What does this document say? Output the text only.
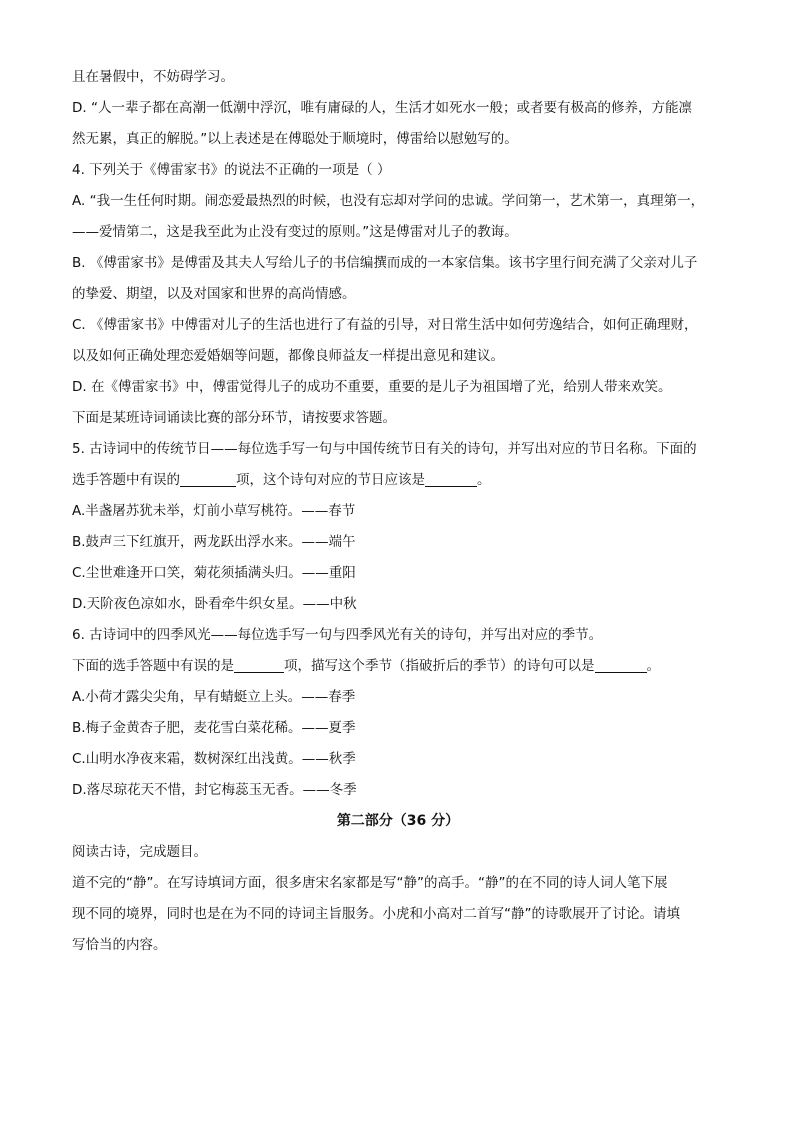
且在暑假中，不妨碍学习。
D. “人一辈子都在高潮一低潮中浮沉，唯有庸碌的人，生活才如死水一般；或者要有极高的修养，方能凛
然无累，真正的解脱。”以上表述是在傅聪处于顺境时，傅雷给以慰勉写的。
4. 下列关于《傅雷家书》的说法不正确的一项是（ ）
A. “我一生任何时期。闹恋爱最热烈的时候，也没有忘却对学问的忠诚。学问第一，艺术第一，真理第一，
——爱情第二，这是我至此为止没有变过的原则。”这是傅雷对儿子的教诲。
B. 《傅雷家书》是傅雷及其夫人写给儿子的书信编撰而成的一本家信集。该书字里行间充满了父亲对儿子
的挚爱、期望，以及对国家和世界的高尚情感。
C. 《傅雷家书》中傅雷对儿子的生活也进行了有益的引导，对日常生活中如何劳逸结合，如何正确理财，
以及如何正确处理恋爱婚姻等问题，都像良师益友一样提出意见和建议。
D. 在《傅雷家书》中，傅雷觉得儿子的成功不重要，重要的是儿子为祖国增了光，给别人带来欢笑。
下面是某班诗词诵读比赛的部分环节，请按要求答题。
5. 古诗词中的传统节日——每位选手写一句与中国传统节日有关的诗句，并写出对应的节日名称。下面的
选手答题中有误的	项，这个诗句对应的节日应该是	。
A.半盏屠苏犹未举，灯前小草写桃符。——春节
B.鼓声三下红旗开，两龙跃出浮水来。——端午
C.尘世难逢开口笑，菊花须插满头归。——重阳
D.天阶夜色凉如水，卧看牵牛织女星。——中秋
6. 古诗词中的四季风光——每位选手写一句与四季风光有关的诗句，并写出对应的季节。
下面的选手答题中有误的是	项，描写这个季节（指破折后的季节）的诗句可以是	。
A.小荷才露尖尖角，早有蜻蜓立上头。——春季
B.梅子金黄杏子肥，麦花雪白菜花稀。——夏季
C.山明水净夜来霜，数树深红出浅黄。——秋季
D.落尽琼花天不惜，封它梅蕊玉无香。——冬季
第二部分（36 分）
阅读古诗，完成题目。
道不完的“静”。在写诗填词方面，很多唐宋名家都是写“静”的高手。“静”的在不同的诗人词人笔下展
现不同的境界，同时也是在为不同的诗词主旨服务。小虎和小高对二首写“静”的诗歌展开了讨论。请填
写恰当的内容。
